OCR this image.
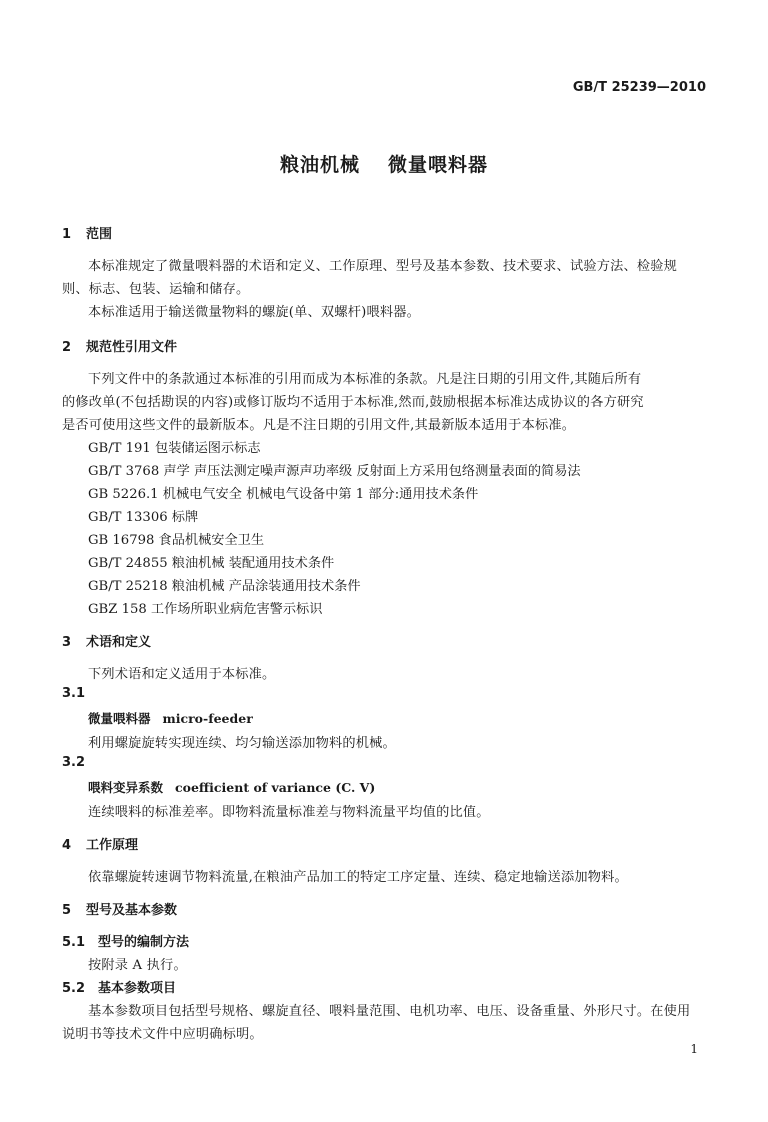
GB/T 25239—2010
粮油机械 微量喂料器
1 范围
本标准规定了微量喂料器的术语和定义、工作原理、型号及基本参数、技术要求、试验方法、检验规
则、标志、包装、运输和储存。
本标准适用于输送微量物料的螺旋(单、双螺杆)喂料器。
2 规范性引用文件
下列文件中的条款通过本标准的引用而成为本标准的条款。凡是注日期的引用文件,其随后所有
的修改单(不包括勘误的内容)或修订版均不适用于本标准,然而,鼓励根据本标准达成协议的各方研究
是否可使用这些文件的最新版本。凡是不注日期的引用文件,其最新版本适用于本标准。
GB/T 191 包装储运图示标志
GB/T 3768 声学 声压法测定噪声源声功率级 反射面上方采用包络测量表面的简易法
GB 5226.1 机械电气安全 机械电气设备中第 1 部分:通用技术条件
GB/T 13306 标牌
GB 16798 食品机械安全卫生
GB/T 24855 粮油机械 装配通用技术条件
GB/T 25218 粮油机械 产品涂装通用技术条件
GBZ 158 工作场所职业病危害警示标识
3 术语和定义
下列术语和定义适用于本标准。
3.1
微量喂料器 micro-feeder
利用螺旋旋转实现连续、均匀输送添加物料的机械。
3.2
喂料变异系数 coefficient of variance (C. V)
连续喂料的标准差率。即物料流量标准差与物料流量平均值的比值。
4 工作原理
依靠螺旋转速调节物料流量,在粮油产品加工的特定工序定量、连续、稳定地输送添加物料。
5 型号及基本参数
5.1 型号的编制方法
按附录 A 执行。
5.2 基本参数项目
基本参数项目包括型号规格、螺旋直径、喂料量范围、电机功率、电压、设备重量、外形尺寸。在使用
说明书等技术文件中应明确标明。
1
